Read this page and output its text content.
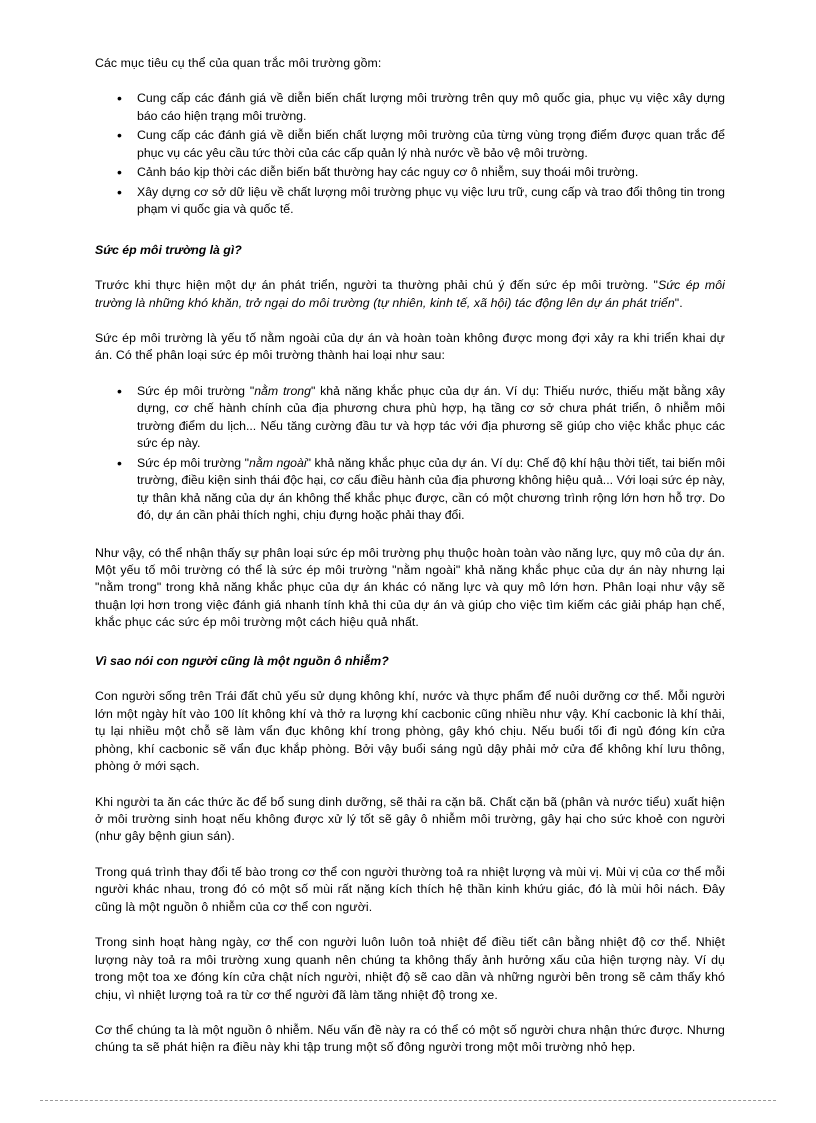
Các mục tiêu cụ thể của quan trắc môi trường gồm:

• Cung cấp các đánh giá về diễn biến chất lượng môi trường trên quy mô quốc gia, phục vụ việc xây dựng báo cáo hiện trạng môi trường.
• Cung cấp các đánh giá về diễn biến chất lượng môi trường của từng vùng trọng điểm được quan trắc để phục vụ các yêu cầu tức thời của các cấp quản lý nhà nước về bảo vệ môi trường.
• Cảnh báo kịp thời các diễn biến bất thường hay các nguy cơ ô nhiễm, suy thoái môi trường.
• Xây dựng cơ sở dữ liệu về chất lượng môi trường phục vụ việc lưu trữ, cung cấp và trao đổi thông tin trong phạm vi quốc gia và quốc tế.
Sức ép môi trường là gì?

Trước khi thực hiện một dự án phát triển, người ta thường phải chú ý đến sức ép môi trường. "Sức ép môi trường là những khó khăn, trở ngại do môi trường (tự nhiên, kinh tế, xã hội) tác động lên dự án phát triển".

Sức ép môi trường là yếu tố nằm ngoài của dự án và hoàn toàn không được mong đợi xảy ra khi triển khai dự án. Có thể phân loại sức ép môi trường thành hai loại như sau:

• Sức ép môi trường "nằm trong" khả năng khắc phục của dự án. Ví dụ: Thiếu nước, thiếu mặt bằng xây dựng, cơ chế hành chính của địa phương chưa phù hợp, hạ tầng cơ sở chưa phát triển, ô nhiễm môi trường điểm du lịch... Nếu tăng cường đầu tư và hợp tác với địa phương sẽ giúp cho việc khắc phục các sức ép này.
• Sức ép môi trường "nằm ngoài" khả năng khắc phục của dự án. Ví dụ: Chế độ khí hậu thời tiết, tai biến môi trường, điều kiện sinh thái độc hại, cơ cấu điều hành của địa phương không hiệu quả... Với loại sức ép này, tự thân khả năng của dự án không thể khắc phục được, cần có một chương trình rộng lớn hơn hỗ trợ. Do đó, dự án cần phải thích nghi, chịu đựng hoặc phải thay đổi.

Như vậy, có thể nhận thấy sự phân loại sức ép môi trường phụ thuộc hoàn toàn vào năng lực, quy mô của dự án. Một yếu tố môi trường có thể là sức ép môi trường "nằm ngoài" khả năng khắc phục của dự án này nhưng lại "nằm trong" trong khả năng khắc phục của dự án khác có năng lực và quy mô lớn hơn. Phân loại như vậy sẽ thuận lợi hơn trong việc đánh giá nhanh tính khả thi của dự án và giúp cho việc tìm kiếm các giải pháp hạn chế, khắc phục các sức ép môi trường một cách hiệu quả nhất.

Vì sao nói con người cũng là một nguồn ô nhiễm?

Con người sống trên Trái đất chủ yếu sử dụng không khí, nước và thực phẩm để nuôi dưỡng cơ thể. Mỗi người lớn một ngày hít vào 100 lít không khí và thở ra lượng khí cacbonic cũng nhiều như vậy. Khí cacbonic là khí thải, tụ lại nhiều một chỗ sẽ làm vẩn đục không khí trong phòng, gây khó chịu. Nếu buổi tối đi ngủ đóng kín cửa phòng, khí cacbonic sẽ vẩn đục khắp phòng. Bởi vậy buổi sáng ngủ dậy phải mở cửa để không khí lưu thông, phòng ở mới sạch.

Khi người ta ăn các thức ăc để bổ sung dinh dưỡng, sẽ thải ra cặn bã. Chất cặn bã (phân và nước tiểu) xuất hiện ở môi trường sinh hoạt nếu không được xử lý tốt sẽ gây ô nhiễm môi trường, gây hại cho sức khoẻ con người (như gây bệnh giun sán).

Trong quá trình thay đổi tế bào trong cơ thể con người thường toả ra nhiệt lượng và mùi vị. Mùi vị của cơ thể mỗi người khác nhau, trong đó có một số mùi rất nặng kích thích hệ thần kinh khứu giác, đó là mùi hôi nách. Đây cũng là một nguồn ô nhiễm của cơ thể con người.

Trong sinh hoạt hàng ngày, cơ thể con người luôn luôn toả nhiệt để điều tiết cân bằng nhiệt độ cơ thể. Nhiệt lượng này toả ra môi trường xung quanh nên chúng ta không thấy ảnh hưởng xấu của hiện tượng này. Ví dụ trong một toa xe đóng kín cửa chật ních người, nhiệt độ sẽ cao dần và những người bên trong sẽ cảm thấy khó chịu, vì nhiệt lượng toả ra từ cơ thể người đã làm tăng nhiệt độ trong xe.

Cơ thể chúng ta là một nguồn ô nhiễm. Nếu vấn đề này ra có thể có một số người chưa nhận thức được. Nhưng chúng ta sẽ phát hiện ra điều này khi tập trung một số đông người trong một môi trường nhỏ hẹp.
